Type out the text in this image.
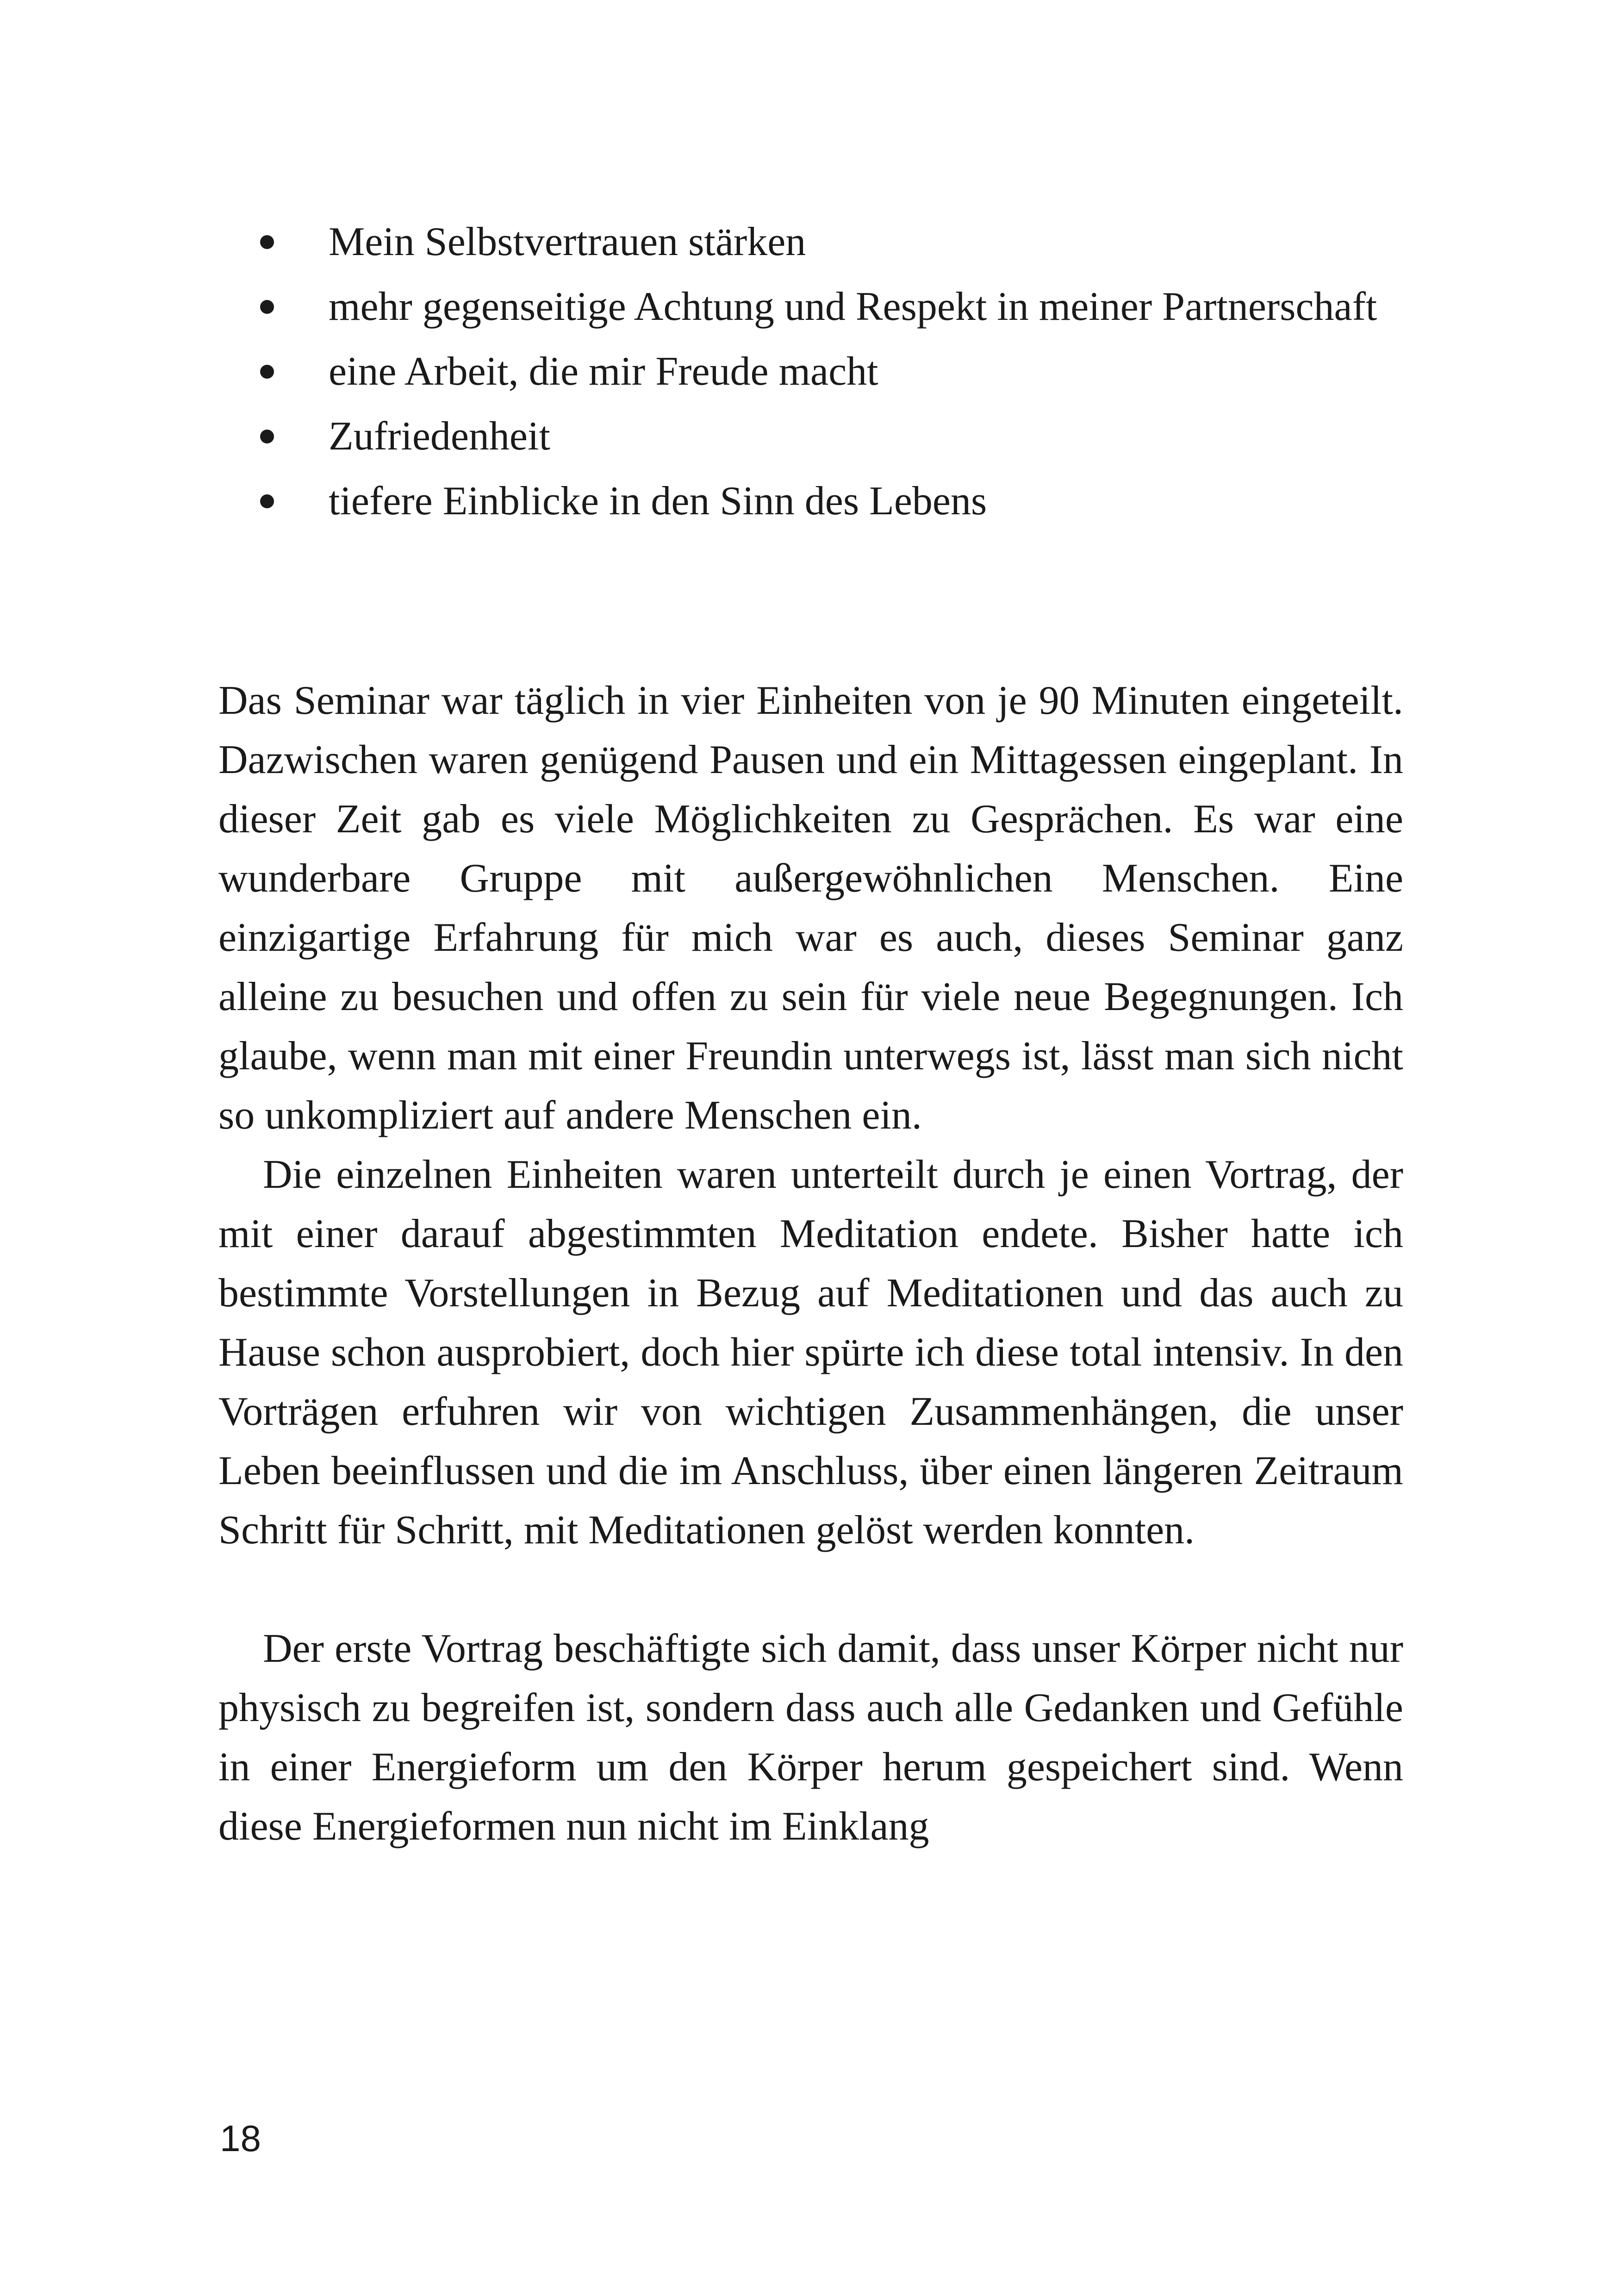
Mein Selbstvertrauen stärken
mehr gegenseitige Achtung und Respekt in meiner Partnerschaft
eine Arbeit, die mir Freude macht
Zufriedenheit
tiefere Einblicke in den Sinn des Lebens

Das Seminar war täglich in vier Einheiten von je 90 Minuten eingeteilt. Dazwischen waren genügend Pausen und ein Mittagessen eingeplant. In dieser Zeit gab es viele Möglichkeiten zu Gesprächen. Es war eine wunderbare Gruppe mit außergewöhnlichen Menschen. Eine einzigartige Erfahrung für mich war es auch, dieses Seminar ganz alleine zu besuchen und offen zu sein für viele neue Begegnungen. Ich glaube, wenn man mit einer Freundin unterwegs ist, lässt man sich nicht so unkompliziert auf andere Menschen ein.

Die einzelnen Einheiten waren unterteilt durch je einen Vortrag, der mit einer darauf abgestimmten Meditation endete. Bisher hatte ich bestimmte Vorstellungen in Bezug auf Meditationen und das auch zu Hause schon ausprobiert, doch hier spürte ich diese total intensiv. In den Vorträgen erfuhren wir von wichtigen Zusammenhängen, die unser Leben beeinflussen und die im Anschluss, über einen längeren Zeitraum Schritt für Schritt, mit Meditationen gelöst werden konnten.

Der erste Vortrag beschäftigte sich damit, dass unser Körper nicht nur physisch zu begreifen ist, sondern dass auch alle Gedanken und Gefühle in einer Energieform um den Körper herum gespeichert sind. Wenn diese Energieformen nun nicht im Einklang

18
